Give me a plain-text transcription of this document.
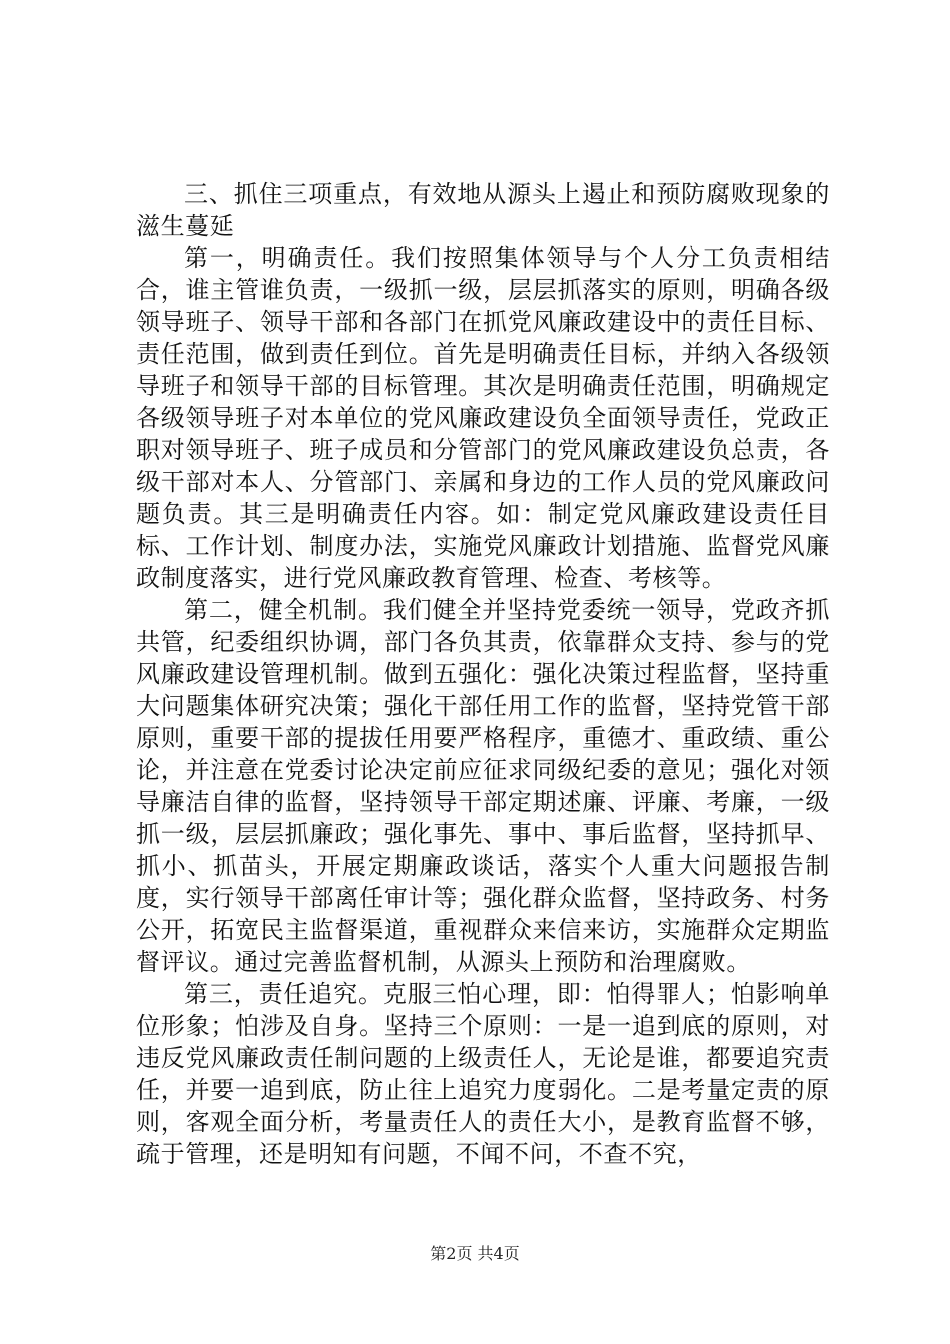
三、抓住三项重点，有效地从源头上遏止和预防腐败现象的滋生蔓延

第一，明确责任。我们按照集体领导与个人分工负责相结合，谁主管谁负责，一级抓一级，层层抓落实的原则，明确各级领导班子、领导干部和各部门在抓党风廉政建设中的责任目标、责任范围，做到责任到位。首先是明确责任目标，并纳入各级领导班子和领导干部的目标管理。其次是明确责任范围，明确规定各级领导班子对本单位的党风廉政建设负全面领导责任，党政正职对领导班子、班子成员和分管部门的党风廉政建设负总责，各级干部对本人、分管部门、亲属和身边的工作人员的党风廉政问题负责。其三是明确责任内容。如：制定党风廉政建设责任目标、工作计划、制度办法，实施党风廉政计划措施、监督党风廉政制度落实，进行党风廉政教育管理、检查、考核等。

第二，健全机制。我们健全并坚持党委统一领导，党政齐抓共管，纪委组织协调，部门各负其责，依靠群众支持、参与的党风廉政建设管理机制。做到五强化：强化决策过程监督，坚持重大问题集体研究决策；强化干部任用工作的监督，坚持党管干部原则，重要干部的提拔任用要严格程序，重德才、重政绩、重公论，并注意在党委讨论决定前应征求同级纪委的意见；强化对领导廉洁自律的监督，坚持领导干部定期述廉、评廉、考廉，一级抓一级，层层抓廉政；强化事先、事中、事后监督，坚持抓早、抓小、抓苗头，开展定期廉政谈话，落实个人重大问题报告制度，实行领导干部离任审计等；强化群众监督，坚持政务、村务公开，拓宽民主监督渠道，重视群众来信来访，实施群众定期监督评议。通过完善监督机制，从源头上预防和治理腐败。

第三，责任追究。克服三怕心理，即：怕得罪人；怕影响单位形象；怕涉及自身。坚持三个原则：一是一追到底的原则，对违反党风廉政责任制问题的上级责任人，无论是谁，都要追究责任，并要一追到底，防止往上追究力度弱化。二是考量定责的原则，客观全面分析，考量责任人的责任大小，是教育监督不够，疏于管理，还是明知有问题，不闻不问，不查不究，

第2页 共4页
